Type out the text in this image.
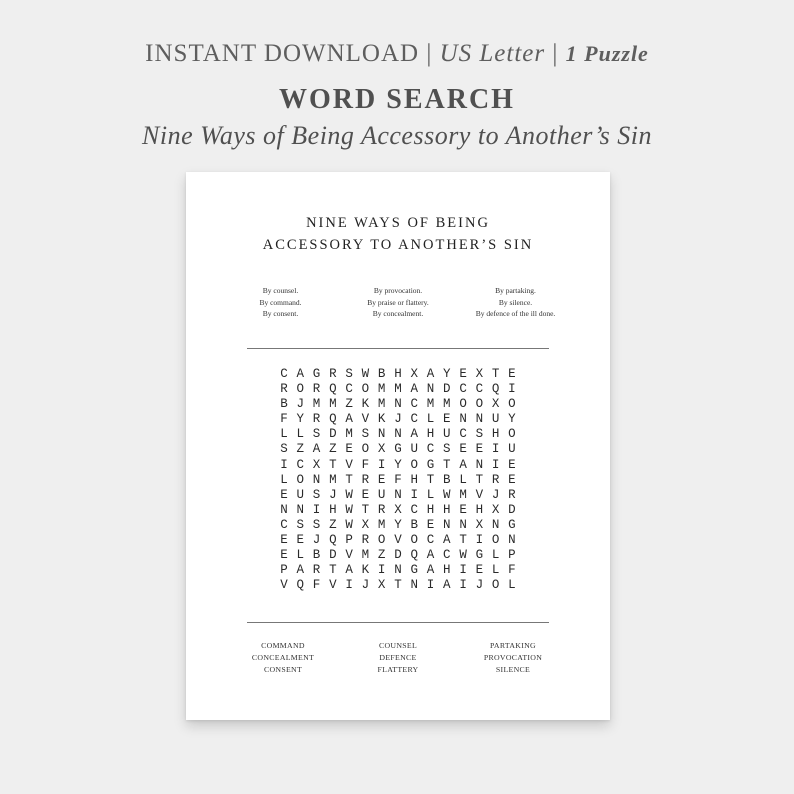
INSTANT DOWNLOAD | US Letter | 1 Puzzle
WORD SEARCH
Nine Ways of Being Accessory to Another’s Sin
NINE WAYS OF BEING
ACCESSORY TO ANOTHER’S SIN
By counsel.
By command.
By consent.
By provocation.
By praise or flattery.
By concealment.
By partaking.
By silence.
By defence of the ill done.
C A G R S W B H X A Y E X T E
R O R Q C O M M A N D C C Q I
B J M M Z K M N C M M O O X O
F Y R Q A V K J C L E N N U Y
L L S D M S N N A H U C S H O
S Z A Z E O X G U C S E E I U
I C X T V F I Y O G T A N I E
L O N M T R E F H T B L T R E
E U S J W E U N I L W M V J R
N N I H W T R X C H H E H X D
C S S Z W X M Y B E N N X N G
E E J Q P R O V O C A T I O N
E L B D V M Z D Q A C W G L P
P A R T A K I N G A H I E L F
V Q F V I J X T N I A I J O L
COMMAND
CONCEALMENT
CONSENT
COUNSEL
DEFENCE
FLATTERY
PARTAKING
PROVOCATION
SILENCE
